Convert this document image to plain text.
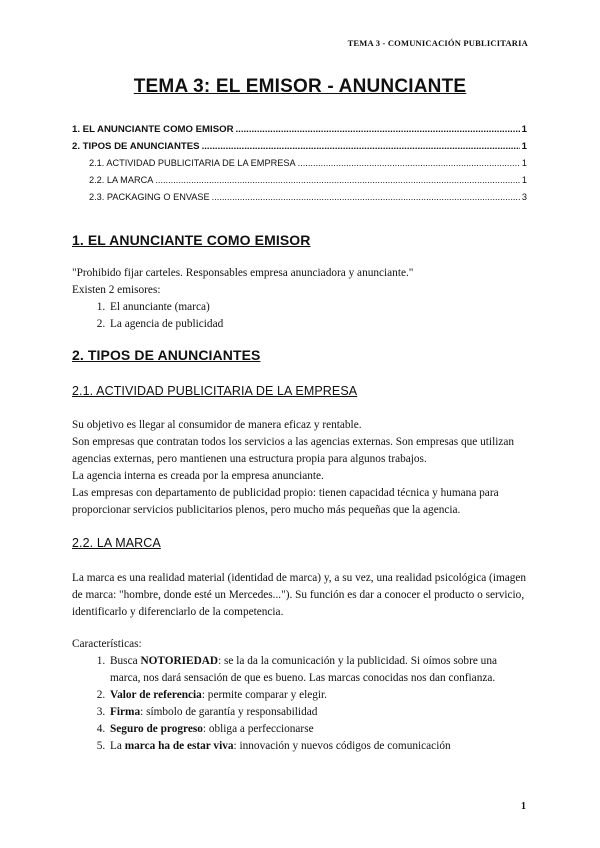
TEMA 3 - COMUNICACIÓN PUBLICITARIA
TEMA 3: EL EMISOR - ANUNCIANTE
1. EL ANUNCIANTE COMO EMISOR .....	1
2. TIPOS DE ANUNCIANTES .....	1
2.1. ACTIVIDAD PUBLICITARIA DE LA EMPRESA .....	1
2.2. LA MARCA .....	1
2.3. PACKAGING O ENVASE .....	3
1. EL ANUNCIANTE COMO EMISOR

"Prohibido fijar carteles. Responsables empresa anunciadora y anunciante."

Existen 2 emisores:

1. El anunciante (marca)
2. La agencia de publicidad
2. TIPOS DE ANUNCIANTES
2.1. ACTIVIDAD PUBLICITARIA DE LA EMPRESA

Su objetivo es llegar al consumidor de manera eficaz y rentable.

Son empresas que contratan todos los servicios a las agencias externas. Son empresas que utilizan agencias externas, pero mantienen una estructura propia para algunos trabajos.

La agencia interna es creada por la empresa anunciante.

Las empresas con departamento de publicidad propio: tienen capacidad técnica y humana para proporcionar servicios publicitarios plenos, pero mucho más pequeñas que la agencia.

2.2. LA MARCA

La marca es una realidad material (identidad de marca) y, a su vez, una realidad psicológica (imagen de marca: "hombre, donde esté un Mercedes..."). Su función es dar a conocer el producto o servicio, identificarlo y diferenciarlo de la competencia.

Características:

1. Busca NOTORIEDAD: se la da la comunicación y la publicidad. Si oímos sobre una marca, nos dará sensación de que es bueno. Las marcas conocidas nos dan confianza.
2. Valor de referencia: permite comparar y elegir.
3. Firma: símbolo de garantía y responsabilidad
4. Seguro de progreso: obliga a perfeccionarse
5. La marca ha de estar viva: innovación y nuevos códigos de comunicación
1
